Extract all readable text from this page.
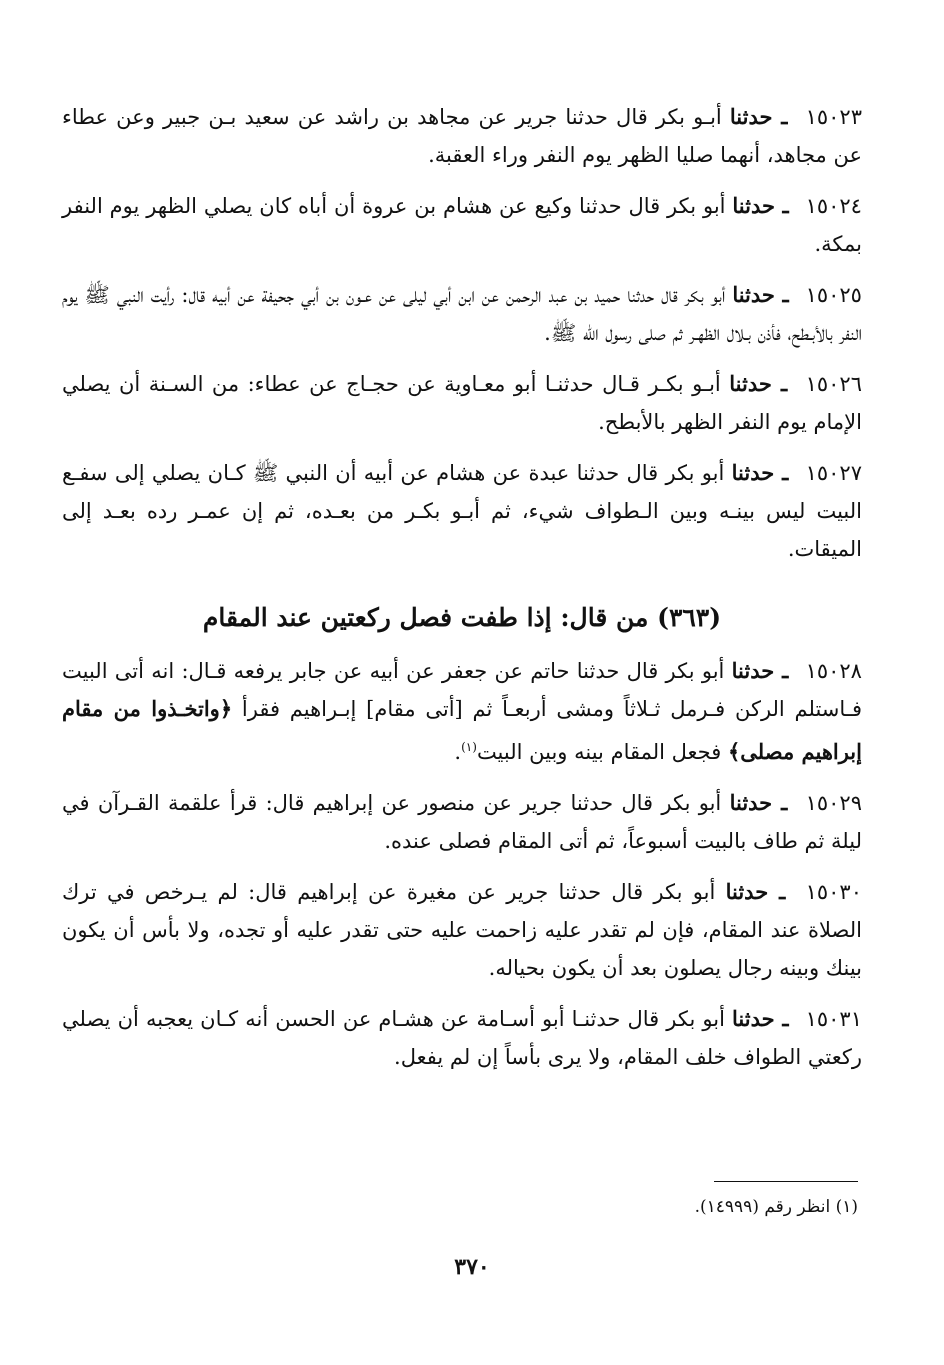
١٥٠٢٣ ـ حدثنا أبـو بكر قال حدثنا جرير عن مجاهد بن راشد عن سعيد بـن جبير وعن عطاء عن مجاهد، أنهما صليا الظهر يوم النفر وراء العقبة.

١٥٠٢٤ ـ حدثنا أبو بكر قال حدثنا وكيع عن هشام بن عروة أن أباه كان يصلي الظهر يوم النفر بمكة.

١٥٠٢٥ ـ حدثنا أبو بكر قال حدثنا حميد بن عبد الرحمن عن ابن أبي ليلى عن عـون بن أبي جحيفة عن أبيه قال: رأيت النبي ﷺ يوم النفر بالأبـطح، فأذن بـلال الظهـر ثم صلى رسول الله ﷺ.

١٥٠٢٦ ـ حدثنا أبـو بكـر قـال حدثنـا أبو معـاوية عن حجـاج عن عطاء: من السـنة أن يصلي الإمام يوم النفر الظهر بالأبطح.

١٥٠٢٧ ـ حدثنا أبو بكر قال حدثنا عبدة عن هشام عن أبيه أن النبي ﷺ كـان يصلي إلى سفـع البيت ليس بينـه وبين الـطواف شيء، ثم أبـو بكـر من بعـده، ثم إن عمـر رده بعـد إلى الميقات.

(٣٦٣) من قال: إذا طفت فصل ركعتين عند المقام

١٥٠٢٨ ـ حدثنا أبو بكر قال حدثنا حاتم عن جعفر عن أبيه عن جابر يرفعه قـال: انه أتى البيت فـاستلم الركن فـرمل ثـلاثاً ومشى أربعـاً ثم [أتى مقام] إبـراهيم فقرأ ﴿واتخـذوا من مقام إبراهيم مصلى﴾ فجعل المقام بينه وبين البيت$^{(١)}$.

١٥٠٢٩ ـ حدثنا أبو بكر قال حدثنا جرير عن منصور عن إبراهيم قال: قرأ علقمة القـرآن في ليلة ثم طاف بالبيت أسبوعاً، ثم أتى المقام فصلى عنده.

١٥٠٣٠ ـ حدثنا أبو بكر قال حدثنا جرير عن مغيرة عن إبراهيم قال: لم يـرخص في ترك الصلاة عند المقام، فإن لم تقدر عليه زاحمت عليه حتى تقدر عليه أو تجده، ولا بأس أن يكون بينك وبينه رجال يصلون بعد أن يكون بحياله.

١٥٠٣١ ـ حدثنا أبو بكر قال حدثنـا أبو أسـامة عن هشـام عن الحسن أنه كـان يعجبه أن يصلي ركعتي الطواف خلف المقام، ولا يرى بأساً إن لم يفعل.

(١) انظر رقم (١٤٩٩٩).
٣٧٠
